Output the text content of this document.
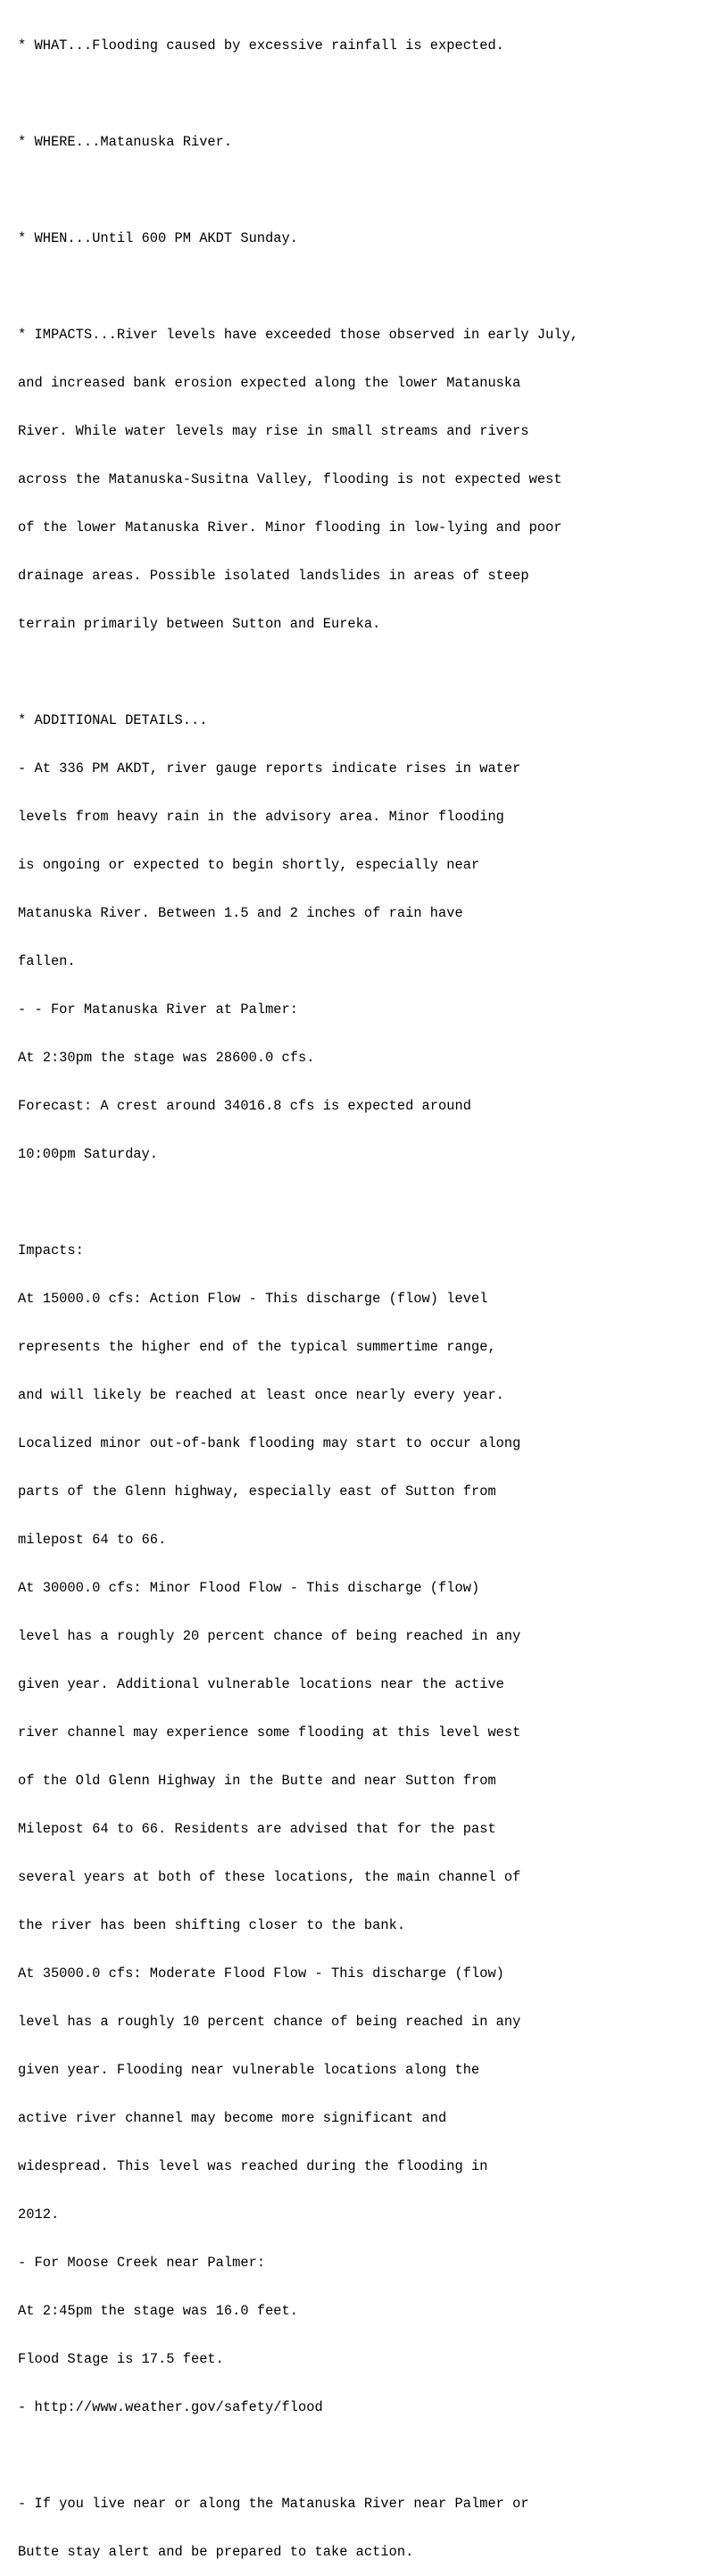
* WHAT...Flooding caused by excessive rainfall is expected.

* WHERE...Matanuska River.

* WHEN...Until 600 PM AKDT Sunday.

* IMPACTS...River levels have exceeded those observed in early July,

and increased bank erosion expected along the lower Matanuska

River. While water levels may rise in small streams and rivers

across the Matanuska-Susitna Valley, flooding is not expected west

of the lower Matanuska River. Minor flooding in low-lying and poor

drainage areas. Possible isolated landslides in areas of steep

terrain primarily between Sutton and Eureka.

* ADDITIONAL DETAILS...

- At 336 PM AKDT, river gauge reports indicate rises in water

levels from heavy rain in the advisory area. Minor flooding

is ongoing or expected to begin shortly, especially near

Matanuska River. Between 1.5 and 2 inches of rain have

fallen.

- - For Matanuska River at Palmer:

At 2:30pm the stage was 28600.0 cfs.

Forecast: A crest around 34016.8 cfs is expected around

10:00pm Saturday.

Impacts:

At 15000.0 cfs: Action Flow - This discharge (flow) level

represents the higher end of the typical summertime range,

and will likely be reached at least once nearly every year.

Localized minor out-of-bank flooding may start to occur along

parts of the Glenn highway, especially east of Sutton from

milepost 64 to 66.

At 30000.0 cfs: Minor Flood Flow - This discharge (flow)

level has a roughly 20 percent chance of being reached in any

given year. Additional vulnerable locations near the active

river channel may experience some flooding at this level west

of the Old Glenn Highway in the Butte and near Sutton from

Milepost 64 to 66. Residents are advised that for the past

several years at both of these locations, the main channel of

the river has been shifting closer to the bank.

At 35000.0 cfs: Moderate Flood Flow - This discharge (flow)

level has a roughly 10 percent chance of being reached in any

given year. Flooding near vulnerable locations along the

active river channel may become more significant and

widespread. This level was reached during the flooding in

2012.

- For Moose Creek near Palmer:

At 2:45pm the stage was 16.0 feet.

Flood Stage is 17.5 feet.

- http://www.weather.gov/safety/flood

- If you live near or along the Matanuska River near Palmer or

Butte stay alert and be prepared to take action.
